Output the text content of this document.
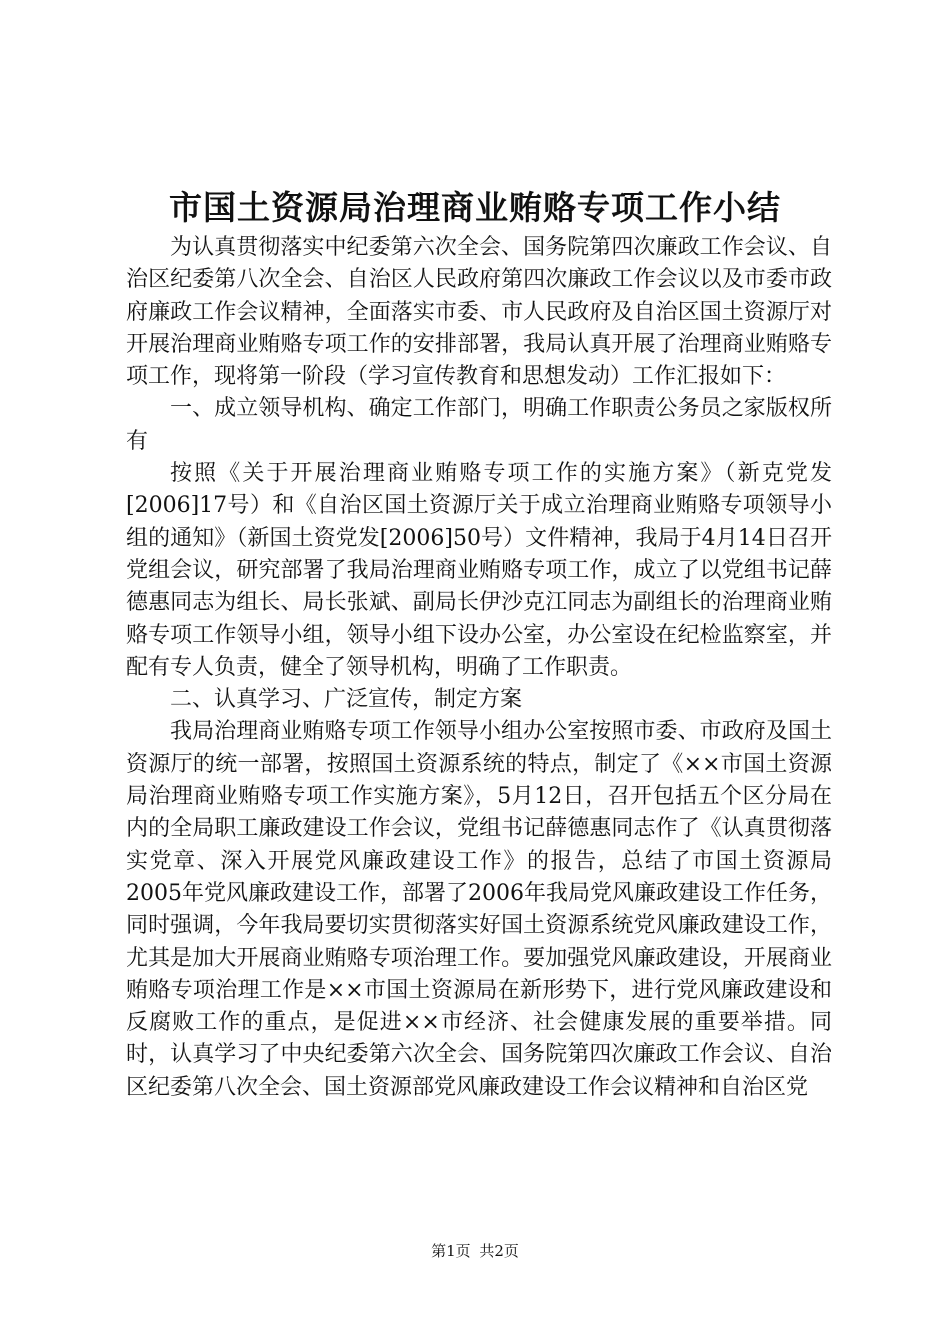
市国土资源局治理商业贿赂专项工作小结

为认真贯彻落实中纪委第六次全会、国务院第四次廉政工作会议、自治区纪委第八次全会、自治区人民政府第四次廉政工作会议以及市委市政府廉政工作会议精神，全面落实市委、市人民政府及自治区国土资源厅对开展治理商业贿赂专项工作的安排部署，我局认真开展了治理商业贿赂专项工作，现将第一阶段（学习宣传教育和思想发动）工作汇报如下：

一、成立领导机构、确定工作部门，明确工作职责公务员之家版权所有

按照《关于开展治理商业贿赂专项工作的实施方案》（新克党发[2006]17号）和《自治区国土资源厅关于成立治理商业贿赂专项领导小组的通知》（新国土资党发[2006]50号）文件精神，我局于4月14日召开党组会议，研究部署了我局治理商业贿赂专项工作，成立了以党组书记薛德惠同志为组长、局长张斌、副局长伊沙克江同志为副组长的治理商业贿赂专项工作领导小组，领导小组下设办公室，办公室设在纪检监察室，并配有专人负责，健全了领导机构，明确了工作职责。

二、认真学习、广泛宣传，制定方案

我局治理商业贿赂专项工作领导小组办公室按照市委、市政府及国土资源厅的统一部署，按照国土资源系统的特点，制定了《××市国土资源局治理商业贿赂专项工作实施方案》，5月12日，召开包括五个区分局在内的全局职工廉政建设工作会议，党组书记薛德惠同志作了《认真贯彻落实党章、深入开展党风廉政建设工作》的报告，总结了市国土资源局2005年党风廉政建设工作，部署了2006年我局党风廉政建设工作任务，同时强调，今年我局要切实贯彻落实好国土资源系统党风廉政建设工作，尤其是加大开展商业贿赂专项治理工作。要加强党风廉政建设，开展商业贿赂专项治理工作是××市国土资源局在新形势下，进行党风廉政建设和反腐败工作的重点，是促进××市经济、社会健康发展的重要举措。同时，认真学习了中央纪委第六次全会、国务院第四次廉政工作会议、自治区纪委第八次全会、国土资源部党风廉政建设工作会议精神和自治区党

第1页 共2页
